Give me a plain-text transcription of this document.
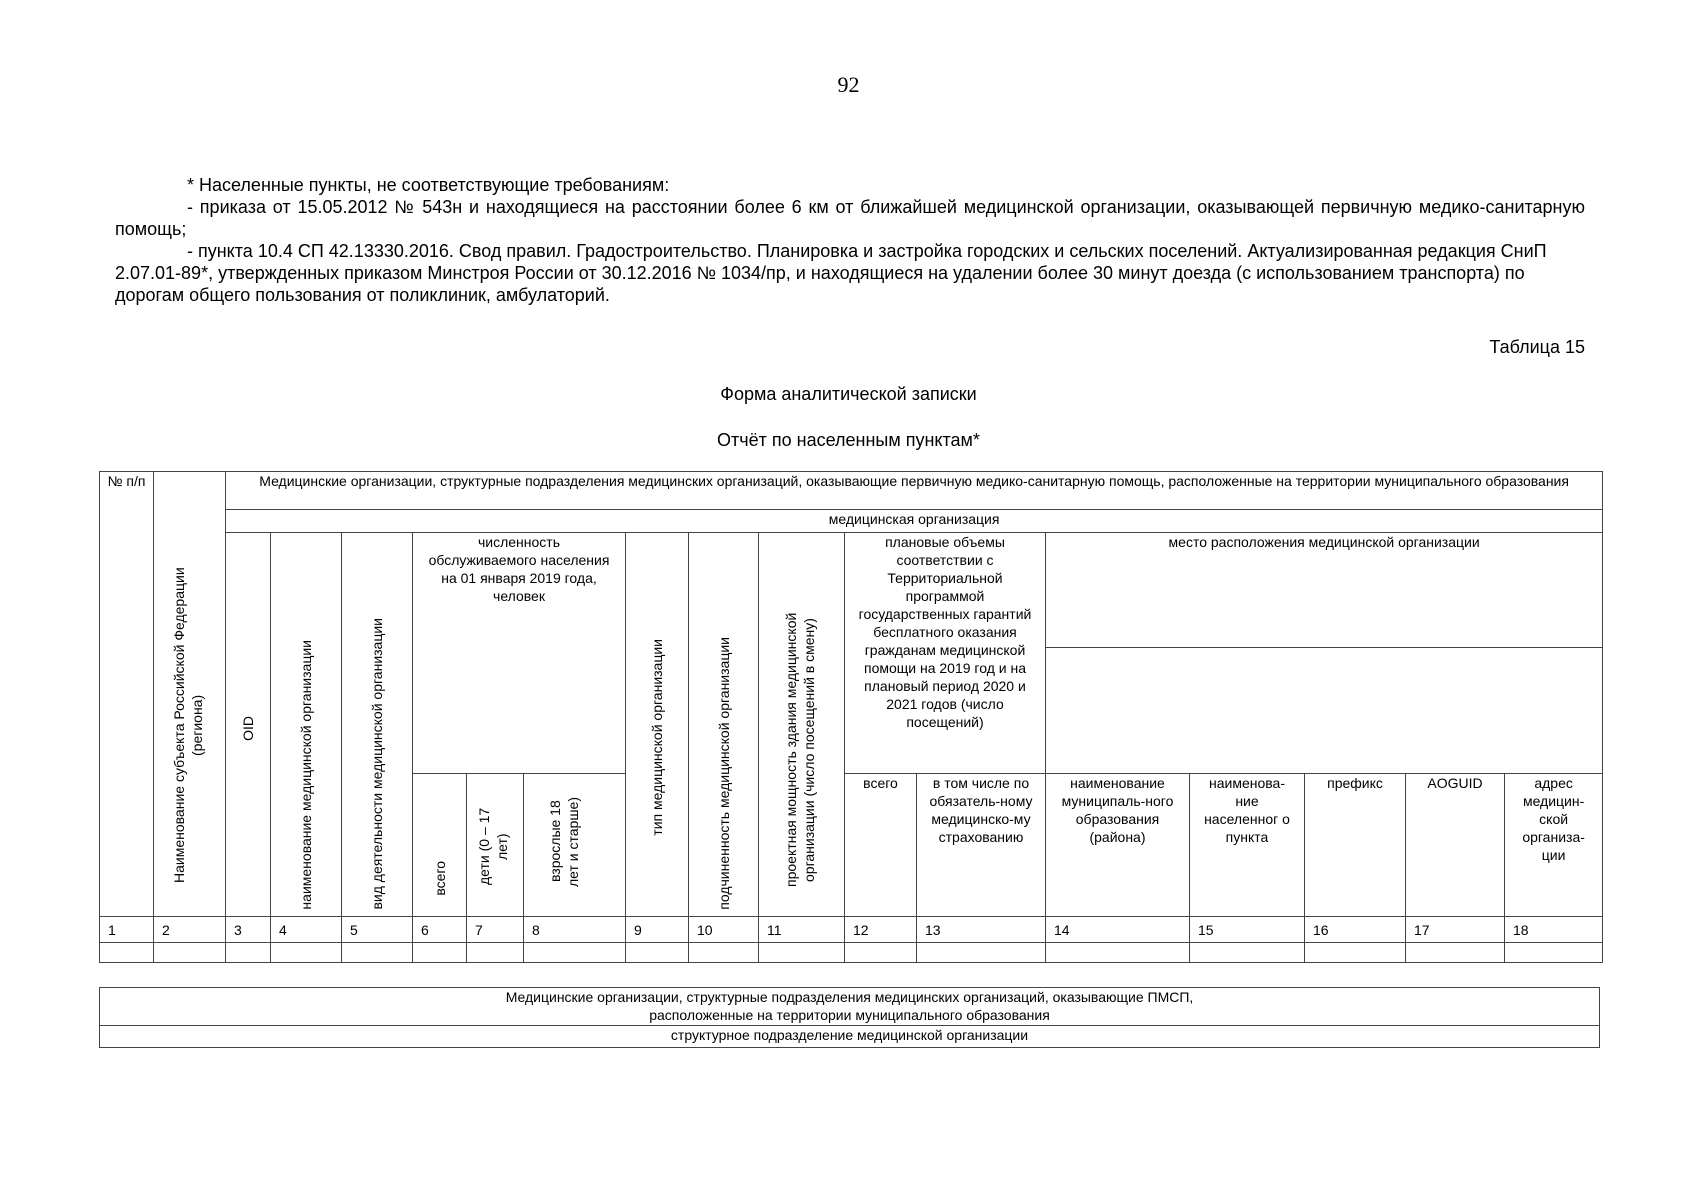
92

* Населенные пункты, не соответствующие требованиям:

- приказа от 15.05.2012 № 543н и находящиеся на расстоянии более 6 км от ближайшей медицинской организации, оказывающей первичную медико-санитарную помощь;

- пункта 10.4 СП 42.13330.2016. Свод правил. Градостроительство. Планировка и застройка городских и сельских поселений. Актуализированная редакция СниП 2.07.01-89*, утвержденных приказом Минстроя России от 30.12.2016 № 1034/пр, и находящиеся на удалении более 30 минут доезда (с использованием транспорта) по дорогам общего пользования от поликлиник, амбулаторий.

Таблица 15
Форма аналитической записки
Отчёт по населенным пунктам*
№ п/п	Наименование субъекта Российской Федерации (региона)	Медицинские организации, структурные подразделения медицинских организаций, оказывающие первичную медико-санитарную помощь, расположенные на территории муниципального образования															
		медицинская организация															

		OID	наименование медицинской организации	вид деятельности медицинской организации	численность обслуживаемого населения на 01 января 2019 года, человек			тип медицинской организации	подчиненность медицинской организации	проектная мощность здания медицинской организации (число посещений в смену)	плановые объемы соответствии с Территориальной программой государственных гарантий бесплатного оказания гражданам медицинской помощи на 2019 год и на плановый период 2020 и 2021 годов (число посещений)		место расположения медицинской организации				

					всего	дети (0 – 17 лет)	взрослые 18 лет и старше)				всего	в том числе по обязатель-ному медицинско-му страхованию	наименование муниципаль-ного образования (района)	наименова-ние населенног о пункта	префикс	AOGUID	адрес медицин-ской организа-ции

1	2	3	4	5	6	7	8	9	10	11	12	13	14	15	16	17	18

Медицинские организации, структурные подразделения медицинских организаций, оказывающие ПМСП, расположенные на территории муниципального образования

структурное подразделение медицинской организации
